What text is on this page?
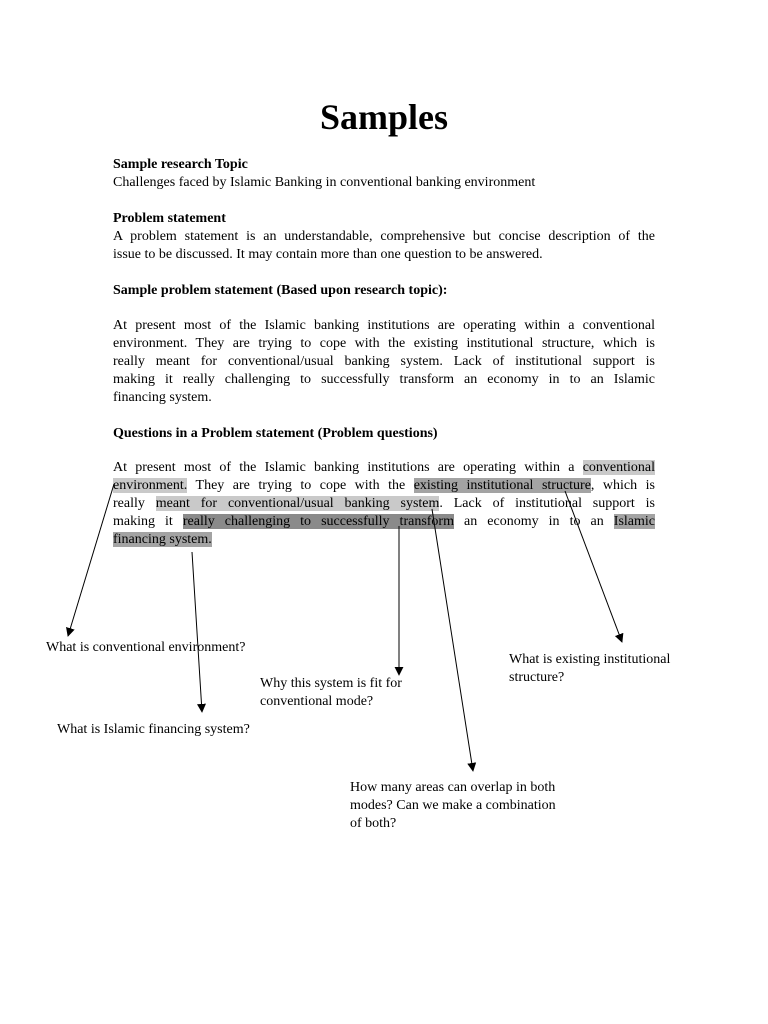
Samples
Sample research Topic
Challenges faced by Islamic Banking in conventional banking environment
Problem statement
A problem statement is an understandable, comprehensive but concise description of the
issue to be discussed. It may contain more than one question to be answered.
Sample problem statement (Based upon research topic):
At present most of the Islamic banking institutions are operating within a conventional
environment. They are trying to cope with the existing institutional structure, which is
really meant for conventional/usual banking system. Lack of institutional support is
making it really challenging to successfully transform an economy in to an Islamic
financing system.
Questions in a Problem statement (Problem questions)
At present most of the Islamic banking institutions are operating within a conventional
environment. They are trying to cope with the existing institutional structure, which is
really meant for conventional/usual banking system. Lack of institutional support is
making it really challenging to successfully transform an economy in to an Islamic
financing system.
What is conventional environment?
What is Islamic financing system?
Why this system is fit for
conventional mode?
What is existing institutional
structure?
How many areas can overlap in both
modes? Can we make a combination
of both?
